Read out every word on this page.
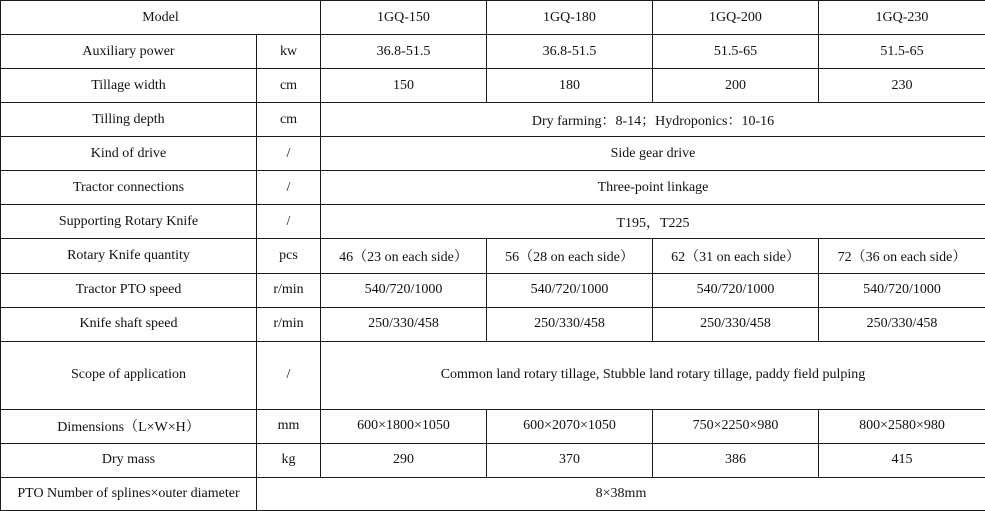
Model		1GQ-150	1GQ-180	1GQ-200	1GQ-230
Auxiliary power	kw	36.8-51.5	36.8-51.5	51.5-65	51.5-65
Tillage width	cm	150	180	200	230
Tilling depth	cm	Dry farming：8-14；Hydroponics：10-16			
Kind of drive	/	Side gear drive			
Tractor connections	/	Three-point linkage			
Supporting Rotary Knife	/	T195，T225			
Rotary Knife quantity	pcs	46（23 on each side）	56（28 on each side）	62（31 on each side）	72（36 on each side）
Tractor PTO speed	r/min	540/720/1000	540/720/1000	540/720/1000	540/720/1000
Knife shaft speed	r/min	250/330/458	250/330/458	250/330/458	250/330/458
Scope of application	/	Common land rotary tillage, Stubble land rotary tillage, paddy field pulping			
Dimensions（L×W×H）	mm	600×1800×1050	600×2070×1050	750×2250×980	800×2580×980
Dry mass	kg	290	370	386	415
PTO Number of splines×outer diameter	8×38mm				
